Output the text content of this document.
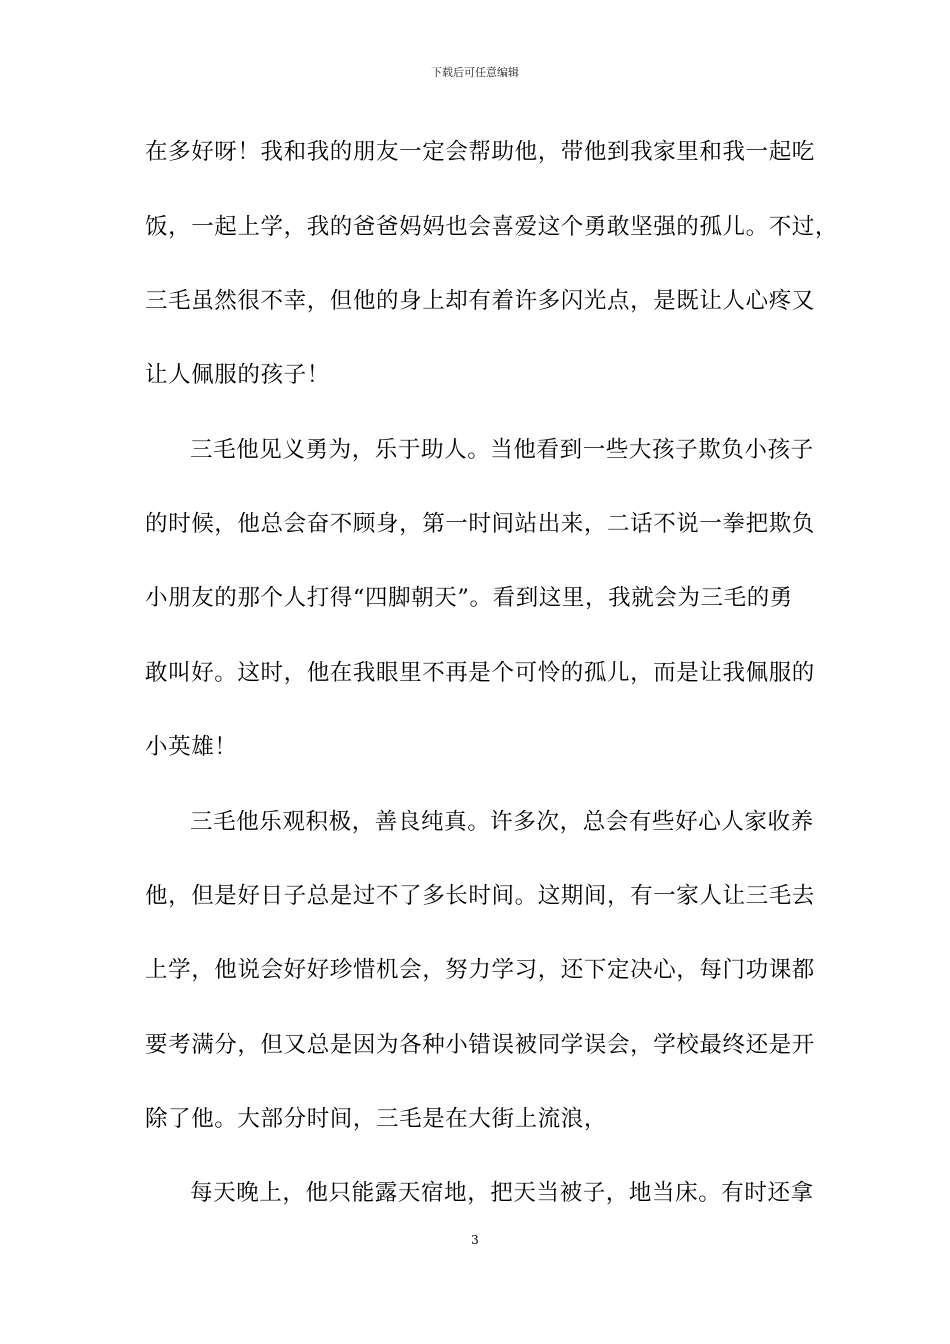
下载后可任意编辑
在多好呀！我和我的朋友一定会帮助他，带他到我家里和我一起吃
饭，一起上学，我的爸爸妈妈也会喜爱这个勇敢坚强的孤儿。不过，
三毛虽然很不幸，但他的身上却有着许多闪光点，是既让人心疼又
让人佩服的孩子！
三毛他见义勇为，乐于助人。当他看到一些大孩子欺负小孩子
的时候，他总会奋不顾身，第一时间站出来，二话不说一拳把欺负
小朋友的那个人打得“四脚朝天”。看到这里，我就会为三毛的勇
敢叫好。这时，他在我眼里不再是个可怜的孤儿，而是让我佩服的
小英雄！
三毛他乐观积极，善良纯真。许多次，总会有些好心人家收养
他，但是好日子总是过不了多长时间。这期间，有一家人让三毛去
上学，他说会好好珍惜机会，努力学习，还下定决心，每门功课都
要考满分，但又总是因为各种小错误被同学误会，学校最终还是开
除了他。大部分时间，三毛是在大街上流浪，
每天晚上，他只能露天宿地，把天当被子，地当床。有时还拿
3
